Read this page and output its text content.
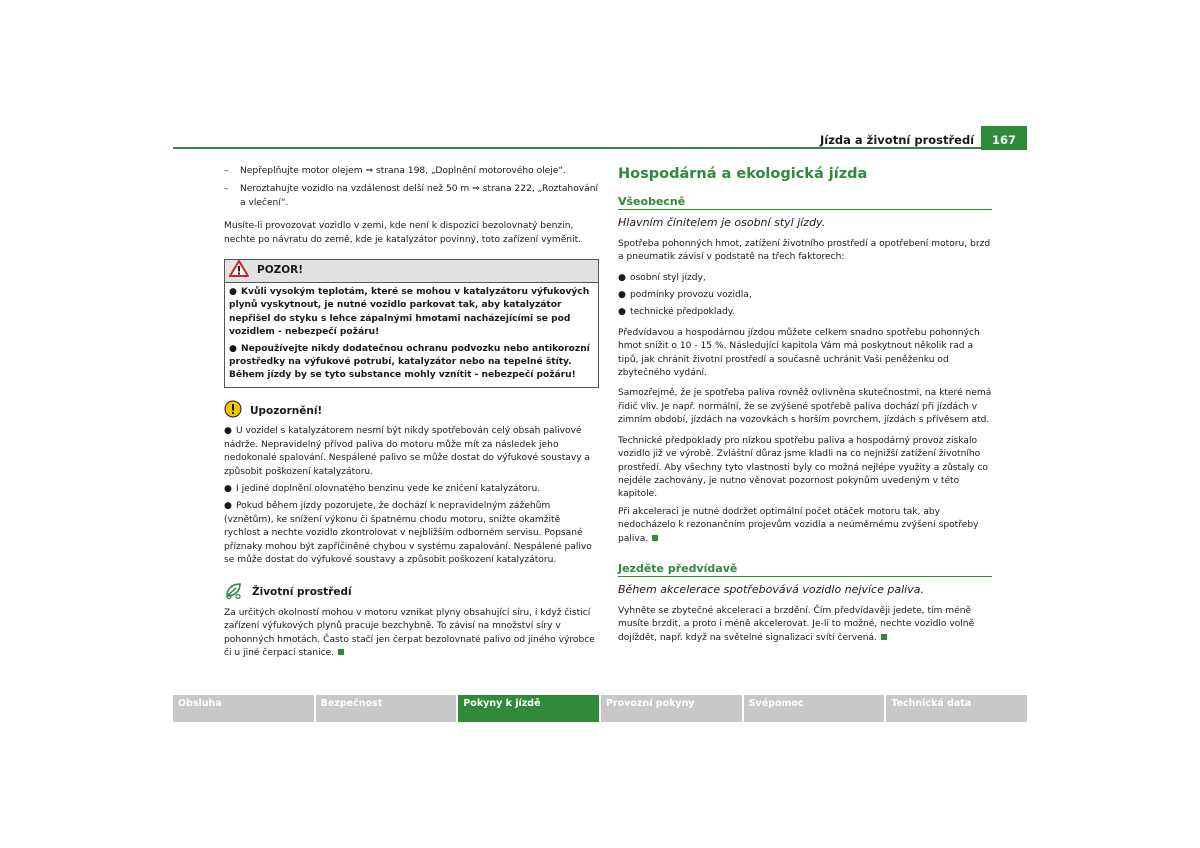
Jízda a životní prostředí	167
– Nepřeplňujte motor olejem ⇒ strana 198, „Doplnění motorového oleje“.
– Neroztahujte vozidlo na vzdálenost delší než 50 m ⇒ strana 222, „Roztahování a vlečení“.

Musíte-li provozovat vozidlo v zemi, kde není k dispozici bezolovnatý benzin, nechte po návratu do země, kde je katalyzátor povinný, toto zařízení vyměnit.

POZOR!
● Kvůli vysokým teplotám, které se mohou v katalyzátoru výfukových plynů vyskytnout, je nutné vozidlo parkovat tak, aby katalyzátor nepřišel do styku s lehce zápalnými hmotami nacházejícími se pod vozidlem - nebezpečí požáru!
● Nepoužívejte nikdy dodatečnou ochranu podvozku nebo antikorozní prostředky na výfukové potrubí, katalyzátor nebo na tepelné štíty. Během jízdy by se tyto substance mohly vznítit - nebezpečí požáru!
Upozornění!
● U vozidel s katalyzátorem nesmí být nikdy spotřebován celý obsah palivové nádrže. Nepravidelný přívod paliva do motoru může mít za následek jeho nedokonalé spalování. Nespálené palivo se může dostat do výfukové soustavy a způsobit poškození katalyzátoru.
● I jediné doplnění olovnatého benzinu vede ke zničení katalyzátoru.
● Pokud během jízdy pozorujete, že dochází k nepravidelným zážehům (vznětům), ke snížení výkonu či špatnému chodu motoru, snižte okamžitě rychlost a nechte vozidlo zkontrolovat v nejbližším odborném servisu. Popsané příznaky mohou být zapříčiněné chybou v systému zapalování. Nespálené palivo se může dostat do výfukové soustavy a způsobit poškození katalyzátoru.
Životní prostředí

Za určitých okolností mohou v motoru vznikat plyny obsahující síru, i když čisticí zařízení výfukových plynů pracuje bezchybně. To závisí na množství síry v pohonných hmotách. Často stačí jen čerpat bezolovnaté palivo od jiného výrobce či u jiné čerpací stanice.

Hospodárná a ekologická jízda
Všeobecně
Hlavním činitelem je osobní styl jízdy.

Spotřeba pohonných hmot, zatížení životního prostředí a opotřebení motoru, brzd a pneumatik závisí v podstatě na třech faktorech:

● osobní styl jízdy,
● podmínky provozu vozidla,
● technické předpoklady.

Předvídavou a hospodárnou jízdou můžete celkem snadno spotřebu pohonných hmot snížit o 10 - 15 %. Následující kapitola Vám má poskytnout několik rad a tipů, jak chránit životní prostředí a současně uchránit Vaši peněženku od zbytečného vydání.

Samozřejmě, že je spotřeba paliva rovněž ovlivněna skutečnostmi, na které nemá řidič vliv. Je např. normální, že se zvýšené spotřebě paliva dochází při jízdách v zimním období, jízdách na vozovkách s horším povrchem, jízdách s přívěsem atd.

Technické předpoklady pro nízkou spotřebu paliva a hospodárný provoz ziskalo vozidlo již ve výrobě. Zvláštní důraz jsme kladli na co nejnižší zatížení životního prostředí. Aby všechny tyto vlastnosti byly co možná nejlépe využity a zůstaly co nejdéle zachovány, je nutno věnovat pozornost pokynům uvedeným v této kapitole.

Při akceleraci je nutné dodržet optimální počet otáček motoru tak, aby nedocházelo k rezonančním projevům vozidla a neúměrnému zvýšení spotřeby paliva.

Jezděte předvídavě
Během akcelerace spotřebovává vozidlo nejvíce paliva.

Vyhněte se zbytečné akceleraci a brzdění. Čím předvídavěji jedete, tím méně musíte brzdit, a proto i méně akcelerovat. Je-li to možné, nechte vozidlo volně dojíždět, např. když na světelné signalizaci svítí červená.

Obsluha	Bezpečnost	Pokyny k jízdě	Provozní pokyny	Svépomoc	Technická data
